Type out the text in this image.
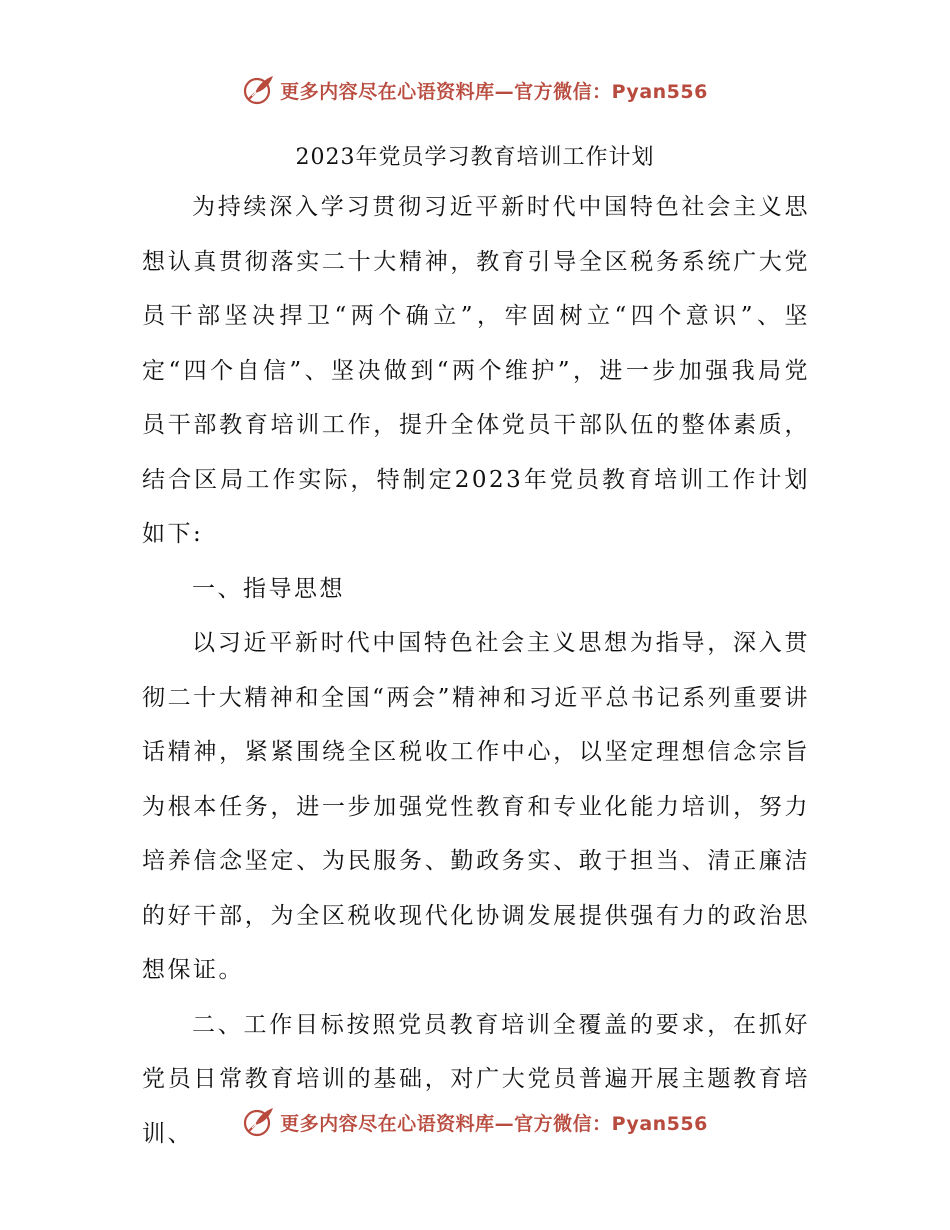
更多内容尽在心语资料库—官方微信：Pyan556
2023年党员学习教育培训工作计划

为持续深入学习贯彻习近平新时代中国特色社会主义思想认真贯彻落实二十大精神，教育引导全区税务系统广大党员干部坚决捍卫“两个确立”，牢固树立“四个意识”、坚定“四个自信”、坚决做到“两个维护”，进一步加强我局党员干部教育培训工作，提升全体党员干部队伍的整体素质，结合区局工作实际，特制定2023年党员教育培训工作计划如下:

一、指导思想

以习近平新时代中国特色社会主义思想为指导，深入贯彻二十大精神和全国“两会”精神和习近平总书记系列重要讲话精神，紧紧围绕全区税收工作中心，以坚定理想信念宗旨为根本任务，进一步加强党性教育和专业化能力培训，努力培养信念坚定、为民服务、勤政务实、敢于担当、清正廉洁的好干部，为全区税收现代化协调发展提供强有力的政治思想保证。

二、工作目标按照党员教育培训全覆盖的要求，在抓好党员日常教育培训的基础，对广大党员普遍开展主题教育培训、	更多内容尽在心语资料库—官方微信：Pyan556
